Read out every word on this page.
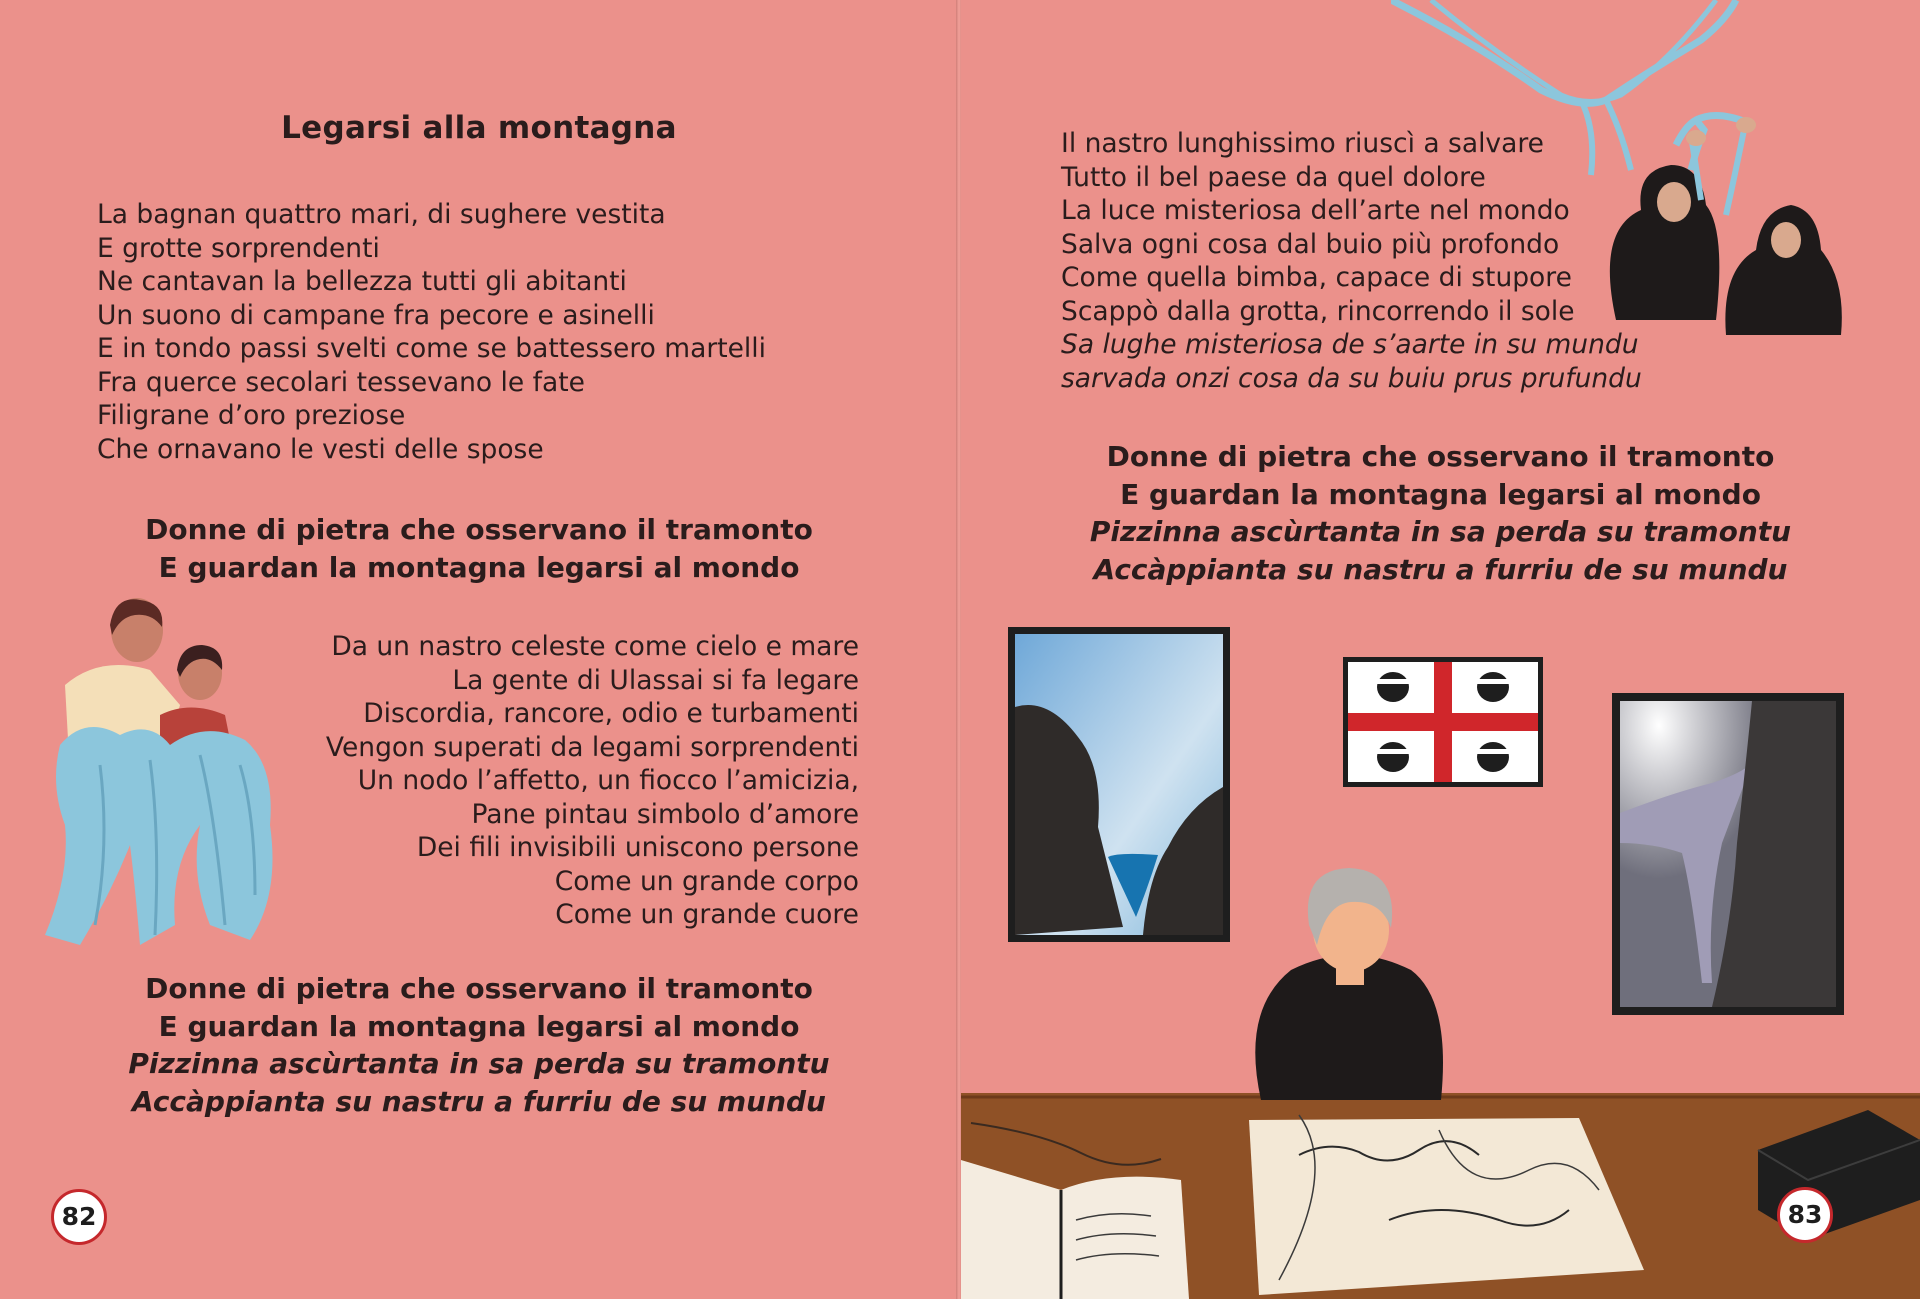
Legarsi alla montagna
La bagnan quattro mari, di sughere vestita
E grotte sorprendenti
Ne cantavan la bellezza tutti gli abitanti
Un suono di campane fra pecore e asinelli
E in tondo passi svelti come se battessero martelli
Fra querce secolari tessevano le fate
Filigrane d’oro preziose
Che ornavano le vesti delle spose
Donne di pietra che osservano il tramonto
E guardan la montagna legarsi al mondo
Da un nastro celeste come cielo e mare
La gente di Ulassai si fa legare
Discordia, rancore, odio e turbamenti
Vengon superati da legami sorprendenti
Un nodo l’affetto, un fiocco l’amicizia,
Pane pintau simbolo d’amore
Dei fili invisibili uniscono persone
Come un grande corpo
Come un grande cuore
Donne di pietra che osservano il tramonto
E guardan la montagna legarsi al mondo
Pizzinna ascùrtanta in sa perda su tramontu
Accàppianta su nastru a furriu de su mundu
82
Il nastro lunghissimo riuscì a salvare
Tutto il bel paese da quel dolore
La luce misteriosa dell’arte nel mondo
Salva ogni cosa dal buio più profondo
Come quella bimba, capace di stupore
Scappò dalla grotta, rincorrendo il sole
Sa lughe misteriosa de s’aarte in su mundu
sarvada onzi cosa da su buiu prus prufundu
Donne di pietra che osservano il tramonto
E guardan la montagna legarsi al mondo
Pizzinna ascùrtanta in sa perda su tramontu
Accàppianta su nastru a furriu de su mundu
83
